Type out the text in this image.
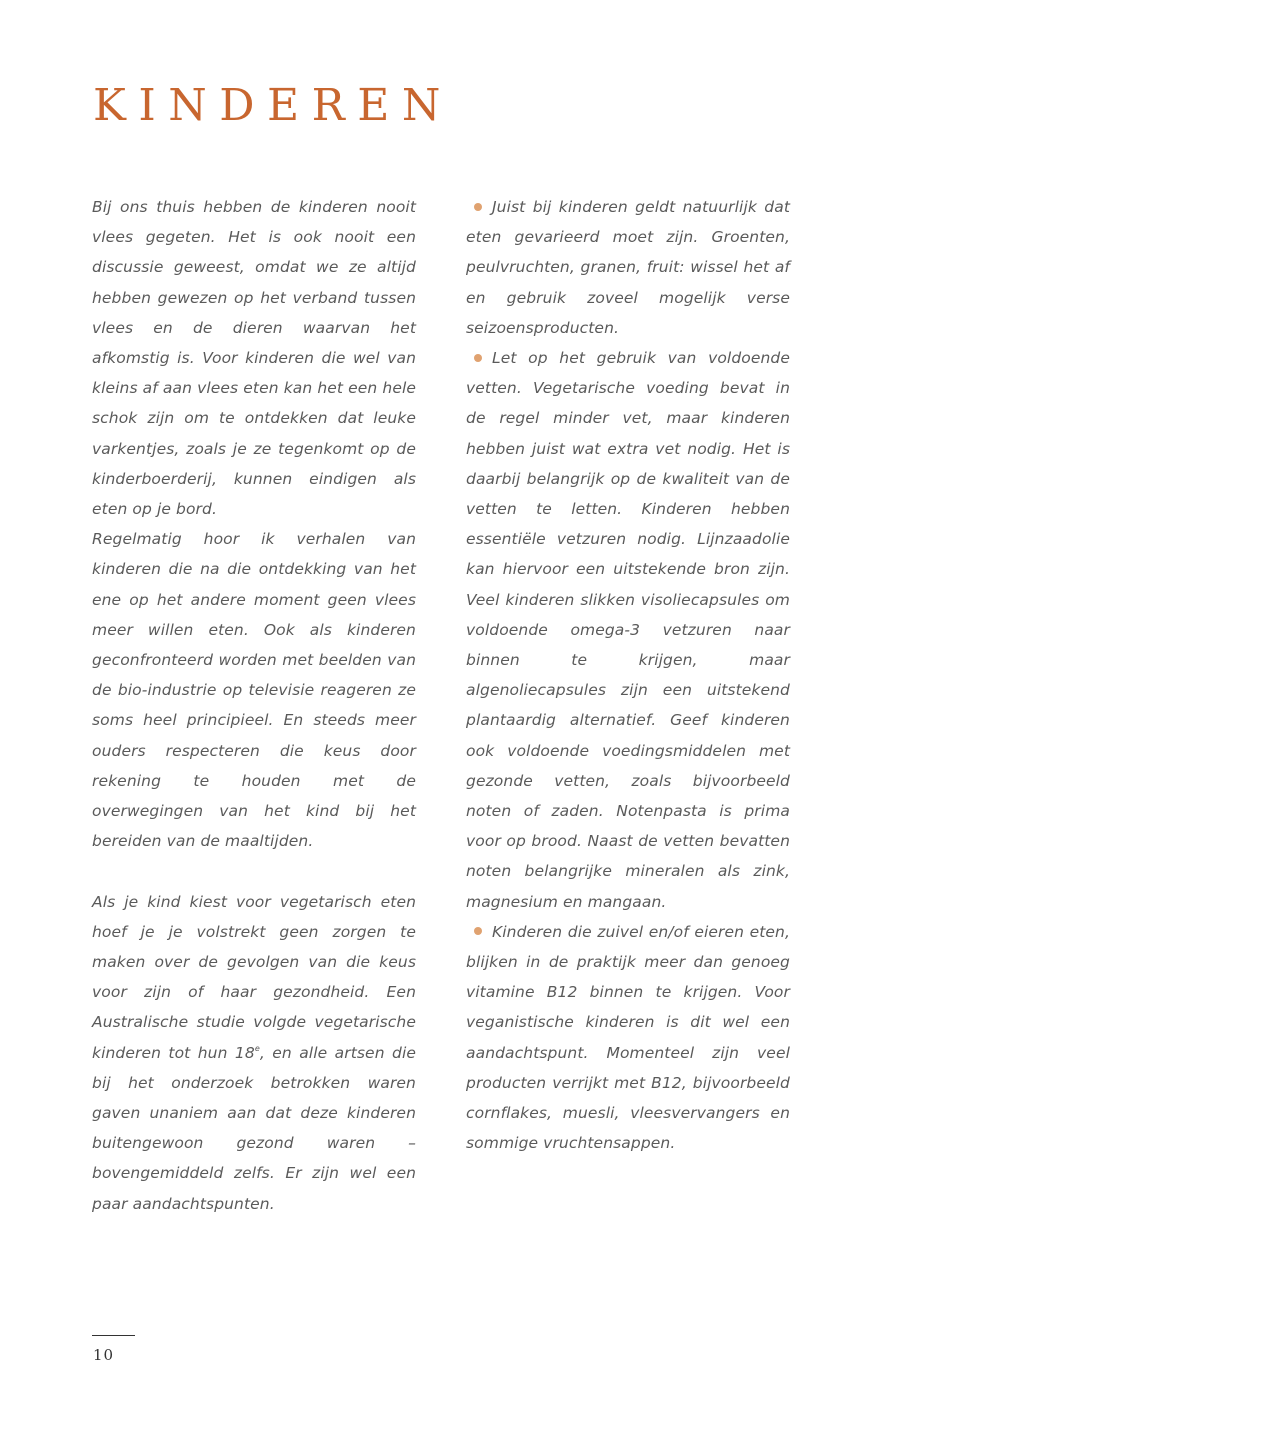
KINDEREN

Bij ons thuis hebben de kinderen nooit vlees gegeten. Het is ook nooit een discussie geweest, omdat we ze altijd hebben gewezen op het verband tussen vlees en de dieren waarvan het afkomstig is. Voor kinderen die wel van kleins af aan vlees eten kan het een hele schok zijn om te ontdekken dat leuke varkentjes, zoals je ze tegenkomt op de kinderboerderij, kunnen eindigen als eten op je bord.

Regelmatig hoor ik verhalen van kinderen die na die ontdekking van het ene op het andere moment geen vlees meer willen eten. Ook als kinderen geconfronteerd worden met beelden van de bio-industrie op televisie reageren ze soms heel principieel. En steeds meer ouders respecteren die keus door rekening te houden met de overwegingen van het kind bij het bereiden van de maaltijden.

Als je kind kiest voor vegetarisch eten hoef je je volstrekt geen zorgen te maken over de gevolgen van die keus voor zijn of haar gezondheid. Een Australische studie volgde vegetarische kinderen tot hun 18e, en alle artsen die bij het onderzoek betrokken waren gaven unaniem aan dat deze kinderen buitengewoon gezond waren – bovengemiddeld zelfs. Er zijn wel een paar aandachtspunten.

Juist bij kinderen geldt natuurlijk dat eten gevarieerd moet zijn. Groenten, peulvruchten, granen, fruit: wissel het af en gebruik zoveel mogelijk verse seizoensproducten.

Let op het gebruik van voldoende vetten. Vegetarische voeding bevat in de regel minder vet, maar kinderen hebben juist wat extra vet nodig. Het is daarbij belangrijk op de kwaliteit van de vetten te letten. Kinderen hebben essentiële vetzuren nodig. Lijnzaadolie kan hiervoor een uitstekende bron zijn. Veel kinderen slikken visoliecapsules om voldoende omega-3 vetzuren naar binnen te krijgen, maar algenoliecapsules zijn een uitstekend plantaardig alternatief. Geef kinderen ook voldoende voedingsmiddelen met gezonde vetten, zoals bijvoorbeeld noten of zaden. Notenpasta is prima voor op brood. Naast de vetten bevatten noten belangrijke mineralen als zink, magnesium en mangaan.

Kinderen die zuivel en/of eieren eten, blijken in de praktijk meer dan genoeg vitamine B12 binnen te krijgen. Voor veganistische kinderen is dit wel een aandachtspunt. Momenteel zijn veel producten verrijkt met B12, bijvoorbeeld cornflakes, muesli, vleesvervangers en sommige vruchtensappen.

10
